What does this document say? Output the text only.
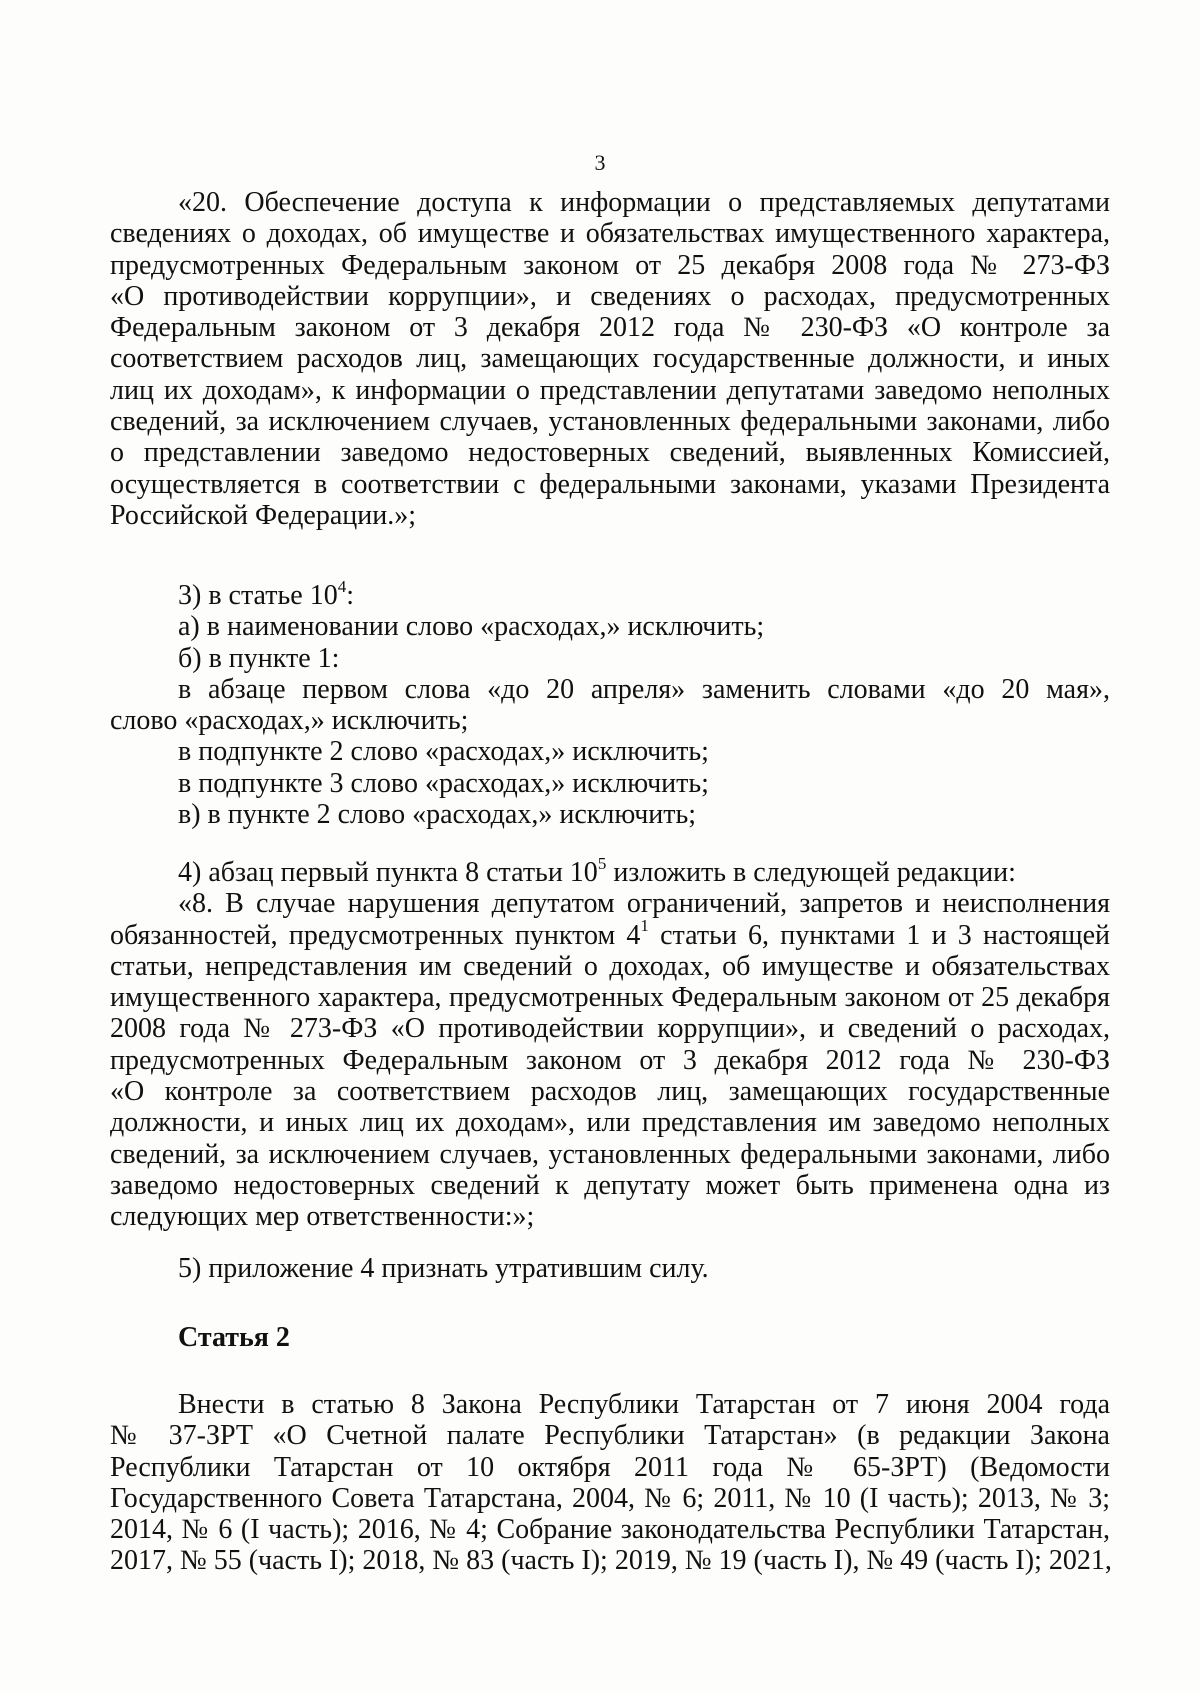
3
«20. Обеспечение доступа к информации о представляемых депутатами
сведениях о доходах, об имуществе и обязательствах имущественного характера,
предусмотренных Федеральным законом от 25 декабря 2008 года № 273-ФЗ
«О противодействии коррупции», и сведениях о расходах, предусмотренных
Федеральным законом от 3 декабря 2012 года № 230-ФЗ «О контроле за
соответствием расходов лиц, замещающих государственные должности, и иных
лиц их доходам», к информации о представлении депутатами заведомо неполных
сведений, за исключением случаев, установленных федеральными законами, либо
о представлении заведомо недостоверных сведений, выявленных Комиссией,
осуществляется в соответствии с федеральными законами, указами Президента
Российской Федерации.»;
3) в статье $10^4$:
а) в наименовании слово «расходах,» исключить;
б) в пункте 1:
в абзаце первом слова «до 20 апреля» заменить словами «до 20 мая»,
слово «расходах,» исключить;
в подпункте 2 слово «расходах,» исключить;
в подпункте 3 слово «расходах,» исключить;
в) в пункте 2 слово «расходах,» исключить;
4) абзац первый пункта 8 статьи $10^5$ изложить в следующей редакции:
«8. В случае нарушения депутатом ограничений, запретов и неисполнения
обязанностей, предусмотренных пунктом $4^1$ статьи 6, пунктами 1 и 3 настоящей
статьи, непредставления им сведений о доходах, об имуществе и обязательствах
имущественного характера, предусмотренных Федеральным законом от 25 декабря
2008 года № 273-ФЗ «О противодействии коррупции», и сведений о расходах,
предусмотренных Федеральным законом от 3 декабря 2012 года № 230-ФЗ
«О контроле за соответствием расходов лиц, замещающих государственные
должности, и иных лиц их доходам», или представления им заведомо неполных
сведений, за исключением случаев, установленных федеральными законами, либо
заведомо недостоверных сведений к депутату может быть применена одна из
следующих мер ответственности:»;
5) приложение 4 признать утратившим силу.
Статья 2
Внести в статью 8 Закона Республики Татарстан от 7 июня 2004 года
№ 37-ЗРТ «О Счетной палате Республики Татарстан» (в редакции Закона
Республики Татарстан от 10 октября 2011 года № 65-ЗРТ) (Ведомости
Государственного Совета Татарстана, 2004, № 6; 2011, № 10 (I часть); 2013, № 3;
2014, № 6 (I часть); 2016, № 4; Собрание законодательства Республики Татарстан,
2017, № 55 (часть I); 2018, № 83 (часть I); 2019, № 19 (часть I), № 49 (часть I); 2021,
